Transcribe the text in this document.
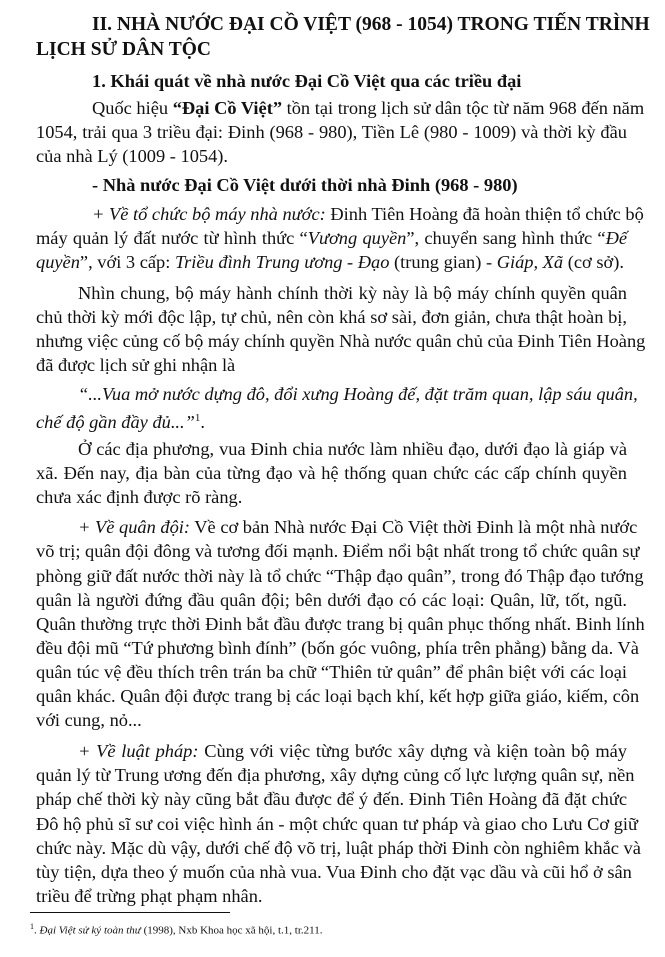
II. NHÀ NƯỚC ĐẠI CỒ VIỆT (968 - 1054) TRONG TIẾN TRÌNH
LỊCH SỬ DÂN TỘC
1. Khái quát về nhà nước Đại Cồ Việt qua các triều đại
Quốc hiệu “Đại Cồ Việt” tồn tại trong lịch sử dân tộc từ năm 968 đến năm
1054, trải qua 3 triều đại: Đinh (968 - 980), Tiền Lê (980 - 1009) và thời kỳ đầu
của nhà Lý (1009 - 1054).
- Nhà nước Đại Cồ Việt dưới thời nhà Đinh (968 - 980)
+ Về tổ chức bộ máy nhà nước: Đinh Tiên Hoàng đã hoàn thiện tổ chức bộ
máy quản lý đất nước từ hình thức “Vương quyền”, chuyển sang hình thức “Đế
quyền”, với 3 cấp: Triều đình Trung ương - Đạo (trung gian) - Giáp, Xã (cơ sở).
Nhìn chung, bộ máy hành chính thời kỳ này là bộ máy chính quyền quân
chủ thời kỳ mới độc lập, tự chủ, nên còn khá sơ sài, đơn giản, chưa thật hoàn bị,
nhưng việc củng cố bộ máy chính quyền Nhà nước quân chủ của Đinh Tiên Hoàng
đã được lịch sử ghi nhận là
“...Vua mở nước dựng đô, đổi xưng Hoàng đế, đặt trăm quan, lập sáu quân,
chế độ gần đầy đủ...”$^1$.
Ở các địa phương, vua Đinh chia nước làm nhiều đạo, dưới đạo là giáp và
xã. Đến nay, địa bàn của từng đạo và hệ thống quan chức các cấp chính quyền
chưa xác định được rõ ràng.
+ Về quân đội: Về cơ bản Nhà nước Đại Cồ Việt thời Đinh là một nhà nước
võ trị; quân đội đông và tương đối mạnh. Điểm nổi bật nhất trong tổ chức quân sự
phòng giữ đất nước thời này là tổ chức “Thập đạo quân”, trong đó Thập đạo tướng
quân là người đứng đầu quân đội; bên dưới đạo có các loại: Quân, lữ, tốt, ngũ.
Quân thường trực thời Đinh bắt đầu được trang bị quân phục thống nhất. Binh lính
đều đội mũ “Tứ phương bình đính” (bốn góc vuông, phía trên phẳng) bằng da. Và
quân túc vệ đều thích trên trán ba chữ “Thiên tử quân” để phân biệt với các loại
quân khác. Quân đội được trang bị các loại bạch khí, kết hợp giữa giáo, kiếm, côn
với cung, nỏ...
+ Về luật pháp: Cùng với việc từng bước xây dựng và kiện toàn bộ máy
quản lý từ Trung ương đến địa phương, xây dựng củng cố lực lượng quân sự, nền
pháp chế thời kỳ này cũng bắt đầu được để ý đến. Đinh Tiên Hoàng đã đặt chức
Đô hộ phủ sĩ sư coi việc hình án - một chức quan tư pháp và giao cho Lưu Cơ giữ
$^1$. Đại Việt sử ký toàn thư (1998), Nxb Khoa học xã hội, t.1, tr.211.
chức này. Mặc dù vậy, dưới chế độ võ trị, luật pháp thời Đinh còn nghiêm khắc và
tùy tiện, dựa theo ý muốn của nhà vua. Vua Đinh cho đặt vạc dầu và cũi hổ ở sân
triều để trừng phạt phạm nhân.
